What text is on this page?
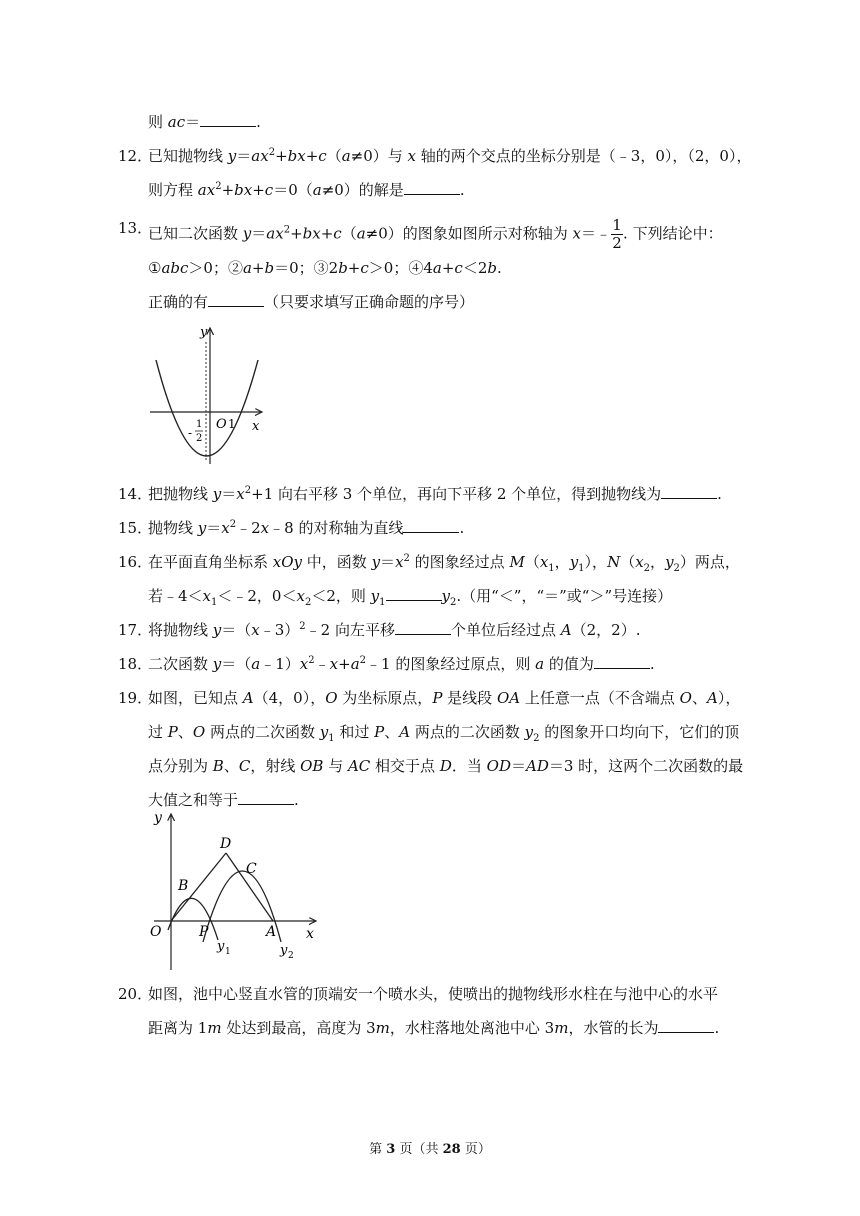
则 ac＝	.
12．
已知抛物线 $y=ax^2+bx+c(a\ne 0)$与 x 轴的两个交点的坐标分别是（﹣3，0），（2，0），
则方程 $ax^2+bx+c=0(a\ne 0)$的解是	.
13．
已知二次函数 $y=ax^2+bx+c(a\ne 0)$的图象如图所示对称轴为 x＝﹣ $\frac{1}{2}$ . 下列结论中：
①abc＞0；②a+b＝0；③2b+c＞0；④4a+c＜2b.
正确的有	（只要求填写正确命题的序号）
y
x
O 1
-
1
2
14．
把抛物线 $y=x^2+1$ 向右平移 3 个单位，再向下平移 2 个单位，得到抛物线为	.
15．
抛物线 $y=x^2﹣2x﹣8$ 的对称轴为直线	.
16．
在平面直角坐标系 xOy 中，函数 $y=x^2$ 的图象经过点 $M(x_1$，$y_1$），$N(x_2$，$y_2$）两点，
若$﹣4<x_1<﹣2$，$0<x_2<2$，则 $y_1$	$y_2$.（用“＜”，“＝”或“＞”号连接）
17．
将抛物线 y＝（x﹣3）$^2$﹣2 向左平移	个单位后经过点 A（2，2）.
18．
二次函数 $y=(a﹣1)x^2﹣x+a^2﹣1$ 的图象经过原点，则 a 的值为	.
19．
如图，已知点 A（4，0），O 为坐标原点，P 是线段 OA 上任意一点（不含端点 O、A），
过 P、O 两点的二次函数 $y_1$ 和过 P、A 两点的二次函数 $y_2$ 的图象开口均向下，它们的顶
点分别为 B、C，射线 OB 与 AC 相交于点 D．当 OD＝AD＝3 时，这两个二次函数的最
大值之和等于	.
y
x
O	P	A
B
C
D
y 1	y 2
20．
如图，池中心竖直水管的顶端安一个喷水头，使喷出的抛物线形水柱在与池中心的水平
距离为 1m 处达到最高，高度为 3m，水柱落地处离池中心 3m，水管的长为	.
第 3 页（共 28 页）
